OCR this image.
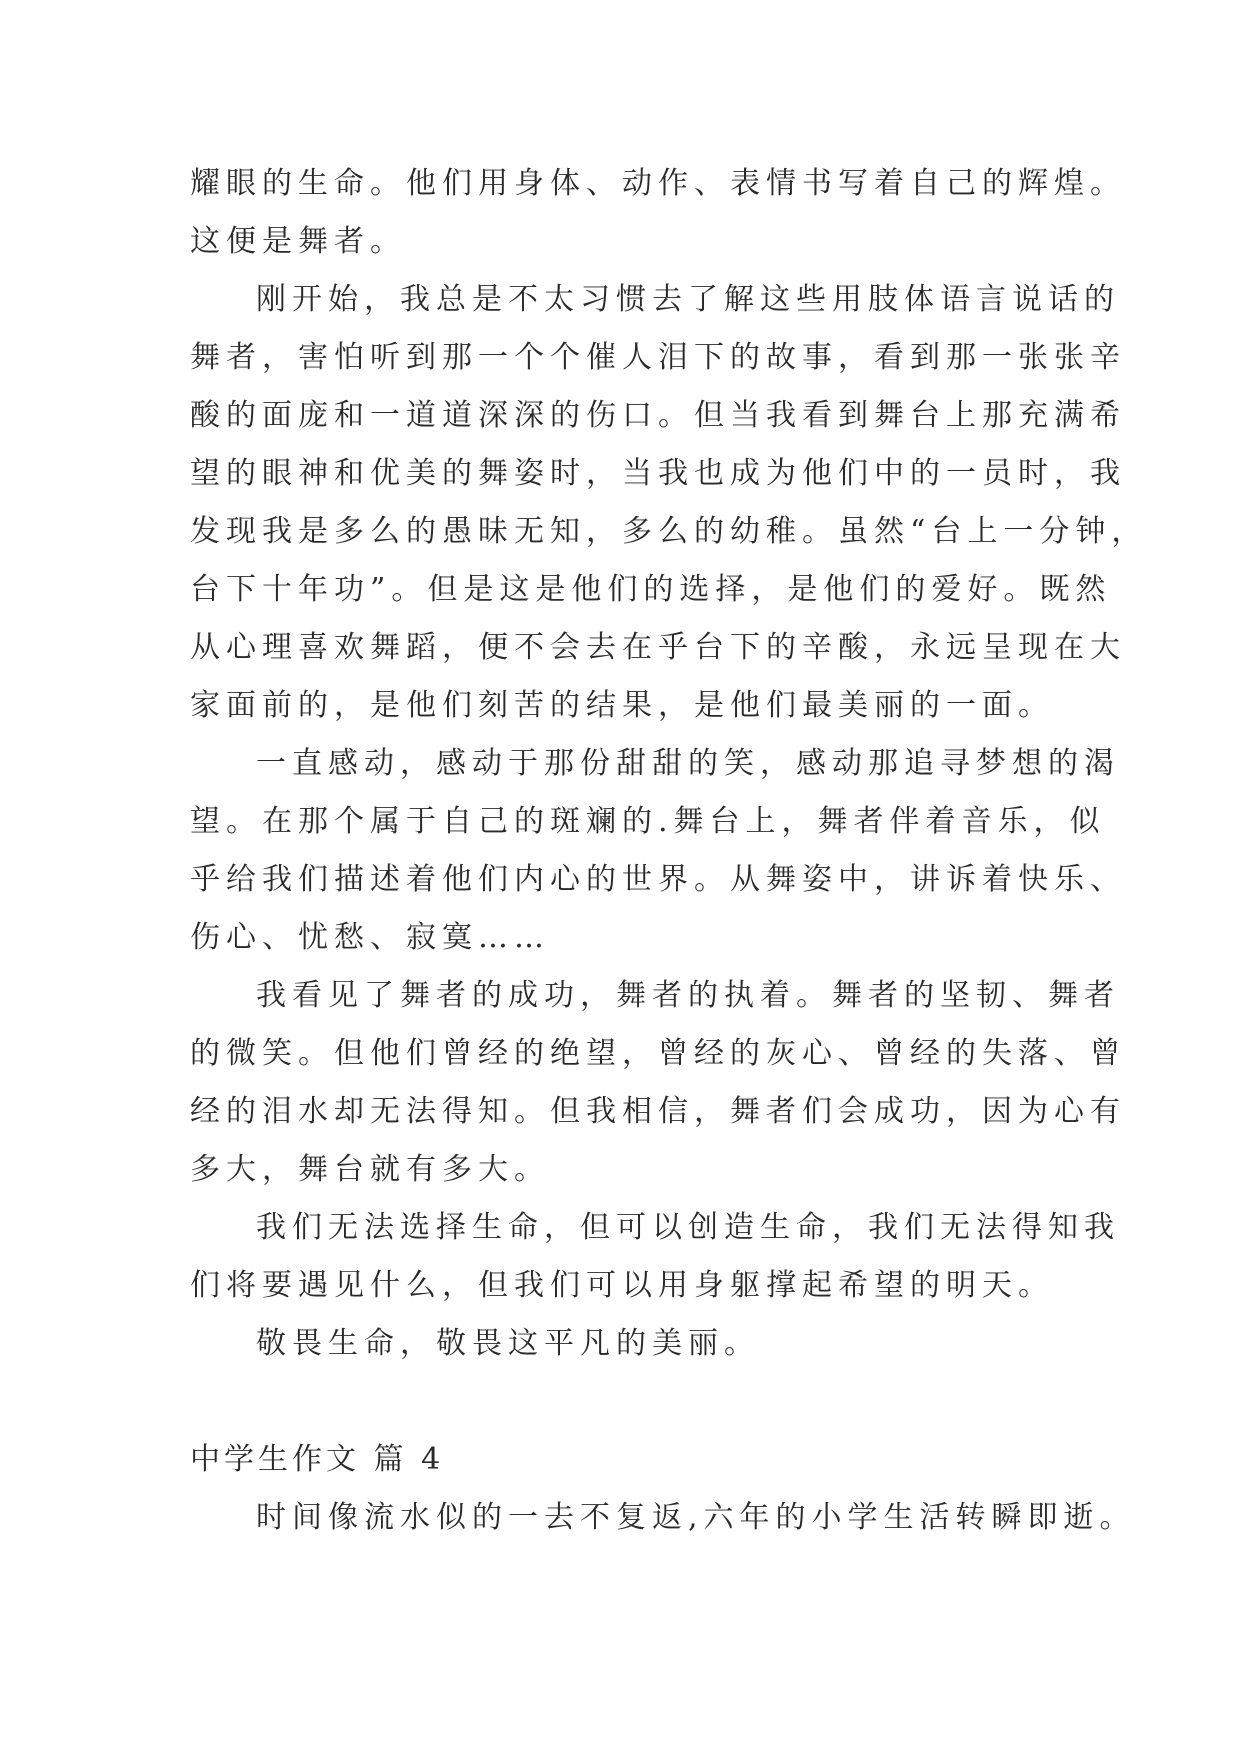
耀眼的生命。他们用身体、动作、表情书写着自己的辉煌。
这便是舞者。
刚开始，我总是不太习惯去了解这些用肢体语言说话的
舞者，害怕听到那一个个催人泪下的故事，看到那一张张辛
酸的面庞和一道道深深的伤口。但当我看到舞台上那充满希
望的眼神和优美的舞姿时，当我也成为他们中的一员时，我
发现我是多么的愚昧无知，多么的幼稚。虽然“台上一分钟，
台下十年功”。但是这是他们的选择，是他们的爱好。既然
从心理喜欢舞蹈，便不会去在乎台下的辛酸，永远呈现在大
家面前的，是他们刻苦的结果，是他们最美丽的一面。
一直感动，感动于那份甜甜的笑，感动那追寻梦想的渴
望。在那个属于自己的斑斓的.舞台上，舞者伴着音乐，似
乎给我们描述着他们内心的世界。从舞姿中，讲诉着快乐、
伤心、忧愁、寂寞……
我看见了舞者的成功，舞者的执着。舞者的坚韧、舞者
的微笑。但他们曾经的绝望，曾经的灰心、曾经的失落、曾
经的泪水却无法得知。但我相信，舞者们会成功，因为心有
多大，舞台就有多大。
我们无法选择生命，但可以创造生命，我们无法得知我
们将要遇见什么，但我们可以用身躯撑起希望的明天。
敬畏生命，敬畏这平凡的美丽。
中学生作文 篇 4
时间像流水似的一去不复返,六年的小学生活转瞬即逝。
